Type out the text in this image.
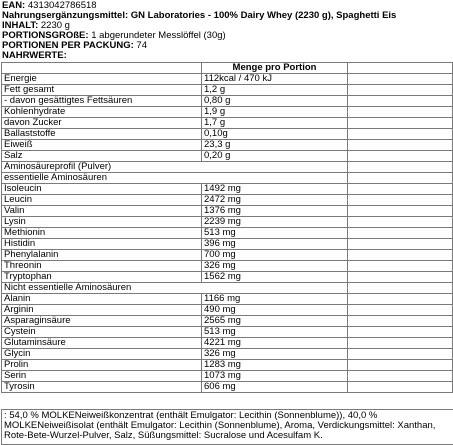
EAN: 4313042786518
Nahrungsergänzungsmittel: GN Laboratories - 100% Dairy Whey (2230 g), Spaghetti Eis
INHALT: 2230 g
PORTIONSGRÖßE: 1 abgerundeter Messlöffel (30g)
PORTIONEN PER PACKUNG: 74
NÄHRWERTE:
	Menge pro Portion	
Energie	112kcal / 470 kJ	
Fett gesamt	1,2 g	
- davon gesättigtes Fettsäuren	0,80 g	
Kohlenhydrate	1,9 g	
davon Zucker	1,7 g	
Ballaststoffe	0,10g	
Eiweiß	23,3 g	
Salz	0,20 g	
Aminosäureprofil (Pulver)		
essentielle Aminosäuren		
Isoleucin	1492 mg	
Leucin	2472 mg	
Valin	1376 mg	
Lysin	2239 mg	
Methionin	513 mg	
Histidin	396 mg	
Phenylalanin	700 mg	
Threonin	326 mg	
Tryptophan	1562 mg	
Nicht essentielle Aminosäuren		
Alanin	1166 mg	
Arginin	490 mg	
Asparaginsäure	2565 mg	
Cystein	513 mg	
Glutaminsäure	4221 mg	
Glycin	326 mg	
Prolin	1283 mg	
Serin	1073 mg	
Tyrosin	606 mg	
: 54,0 % MOLKENeiweißkonzentrat (enthält Emulgator: Lecithin (Sonnenblume)), 40,0 % MOLKENeiweißisolat (enthält Emulgator: Lecithin (Sonnenblume), Aroma, Verdickungsmittel: Xanthan, Rote-Bete-Wurzel-Pulver, Salz, Süßungsmittel: Sucralose und Acesulfam K.
